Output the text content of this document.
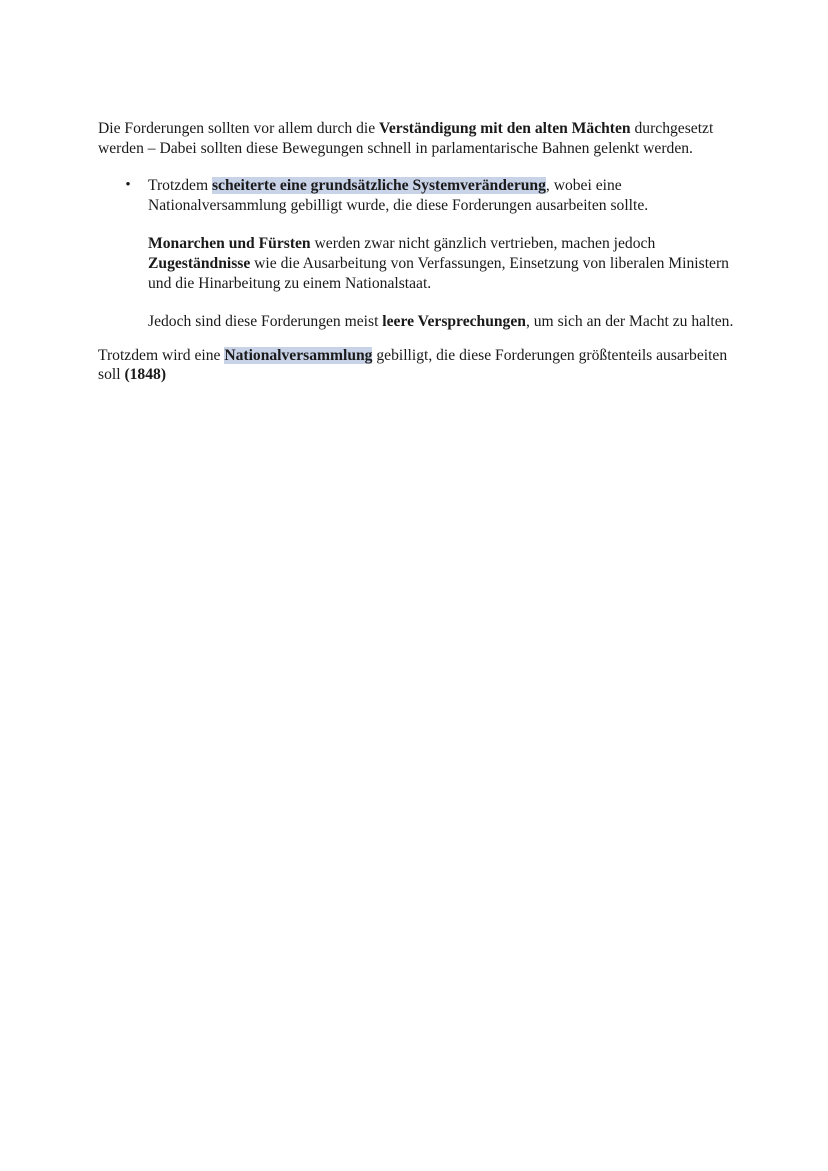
Die Forderungen sollten vor allem durch die Verständigung mit den alten Mächten durchgesetzt werden – Dabei sollten diese Bewegungen schnell in parlamentarische Bahnen gelenkt werden.

• Trotzdem scheiterte eine grundsätzliche Systemveränderung, wobei eine Nationalversammlung gebilligt wurde, die diese Forderungen ausarbeiten sollte.

Monarchen und Fürsten werden zwar nicht gänzlich vertrieben, machen jedoch Zugeständnisse wie die Ausarbeitung von Verfassungen, Einsetzung von liberalen Ministern und die Hinarbeitung zu einem Nationalstaat.

Jedoch sind diese Forderungen meist leere Versprechungen, um sich an der Macht zu halten.

Trotzdem wird eine Nationalversammlung gebilligt, die diese Forderungen größtenteils ausarbeiten soll (1848)
